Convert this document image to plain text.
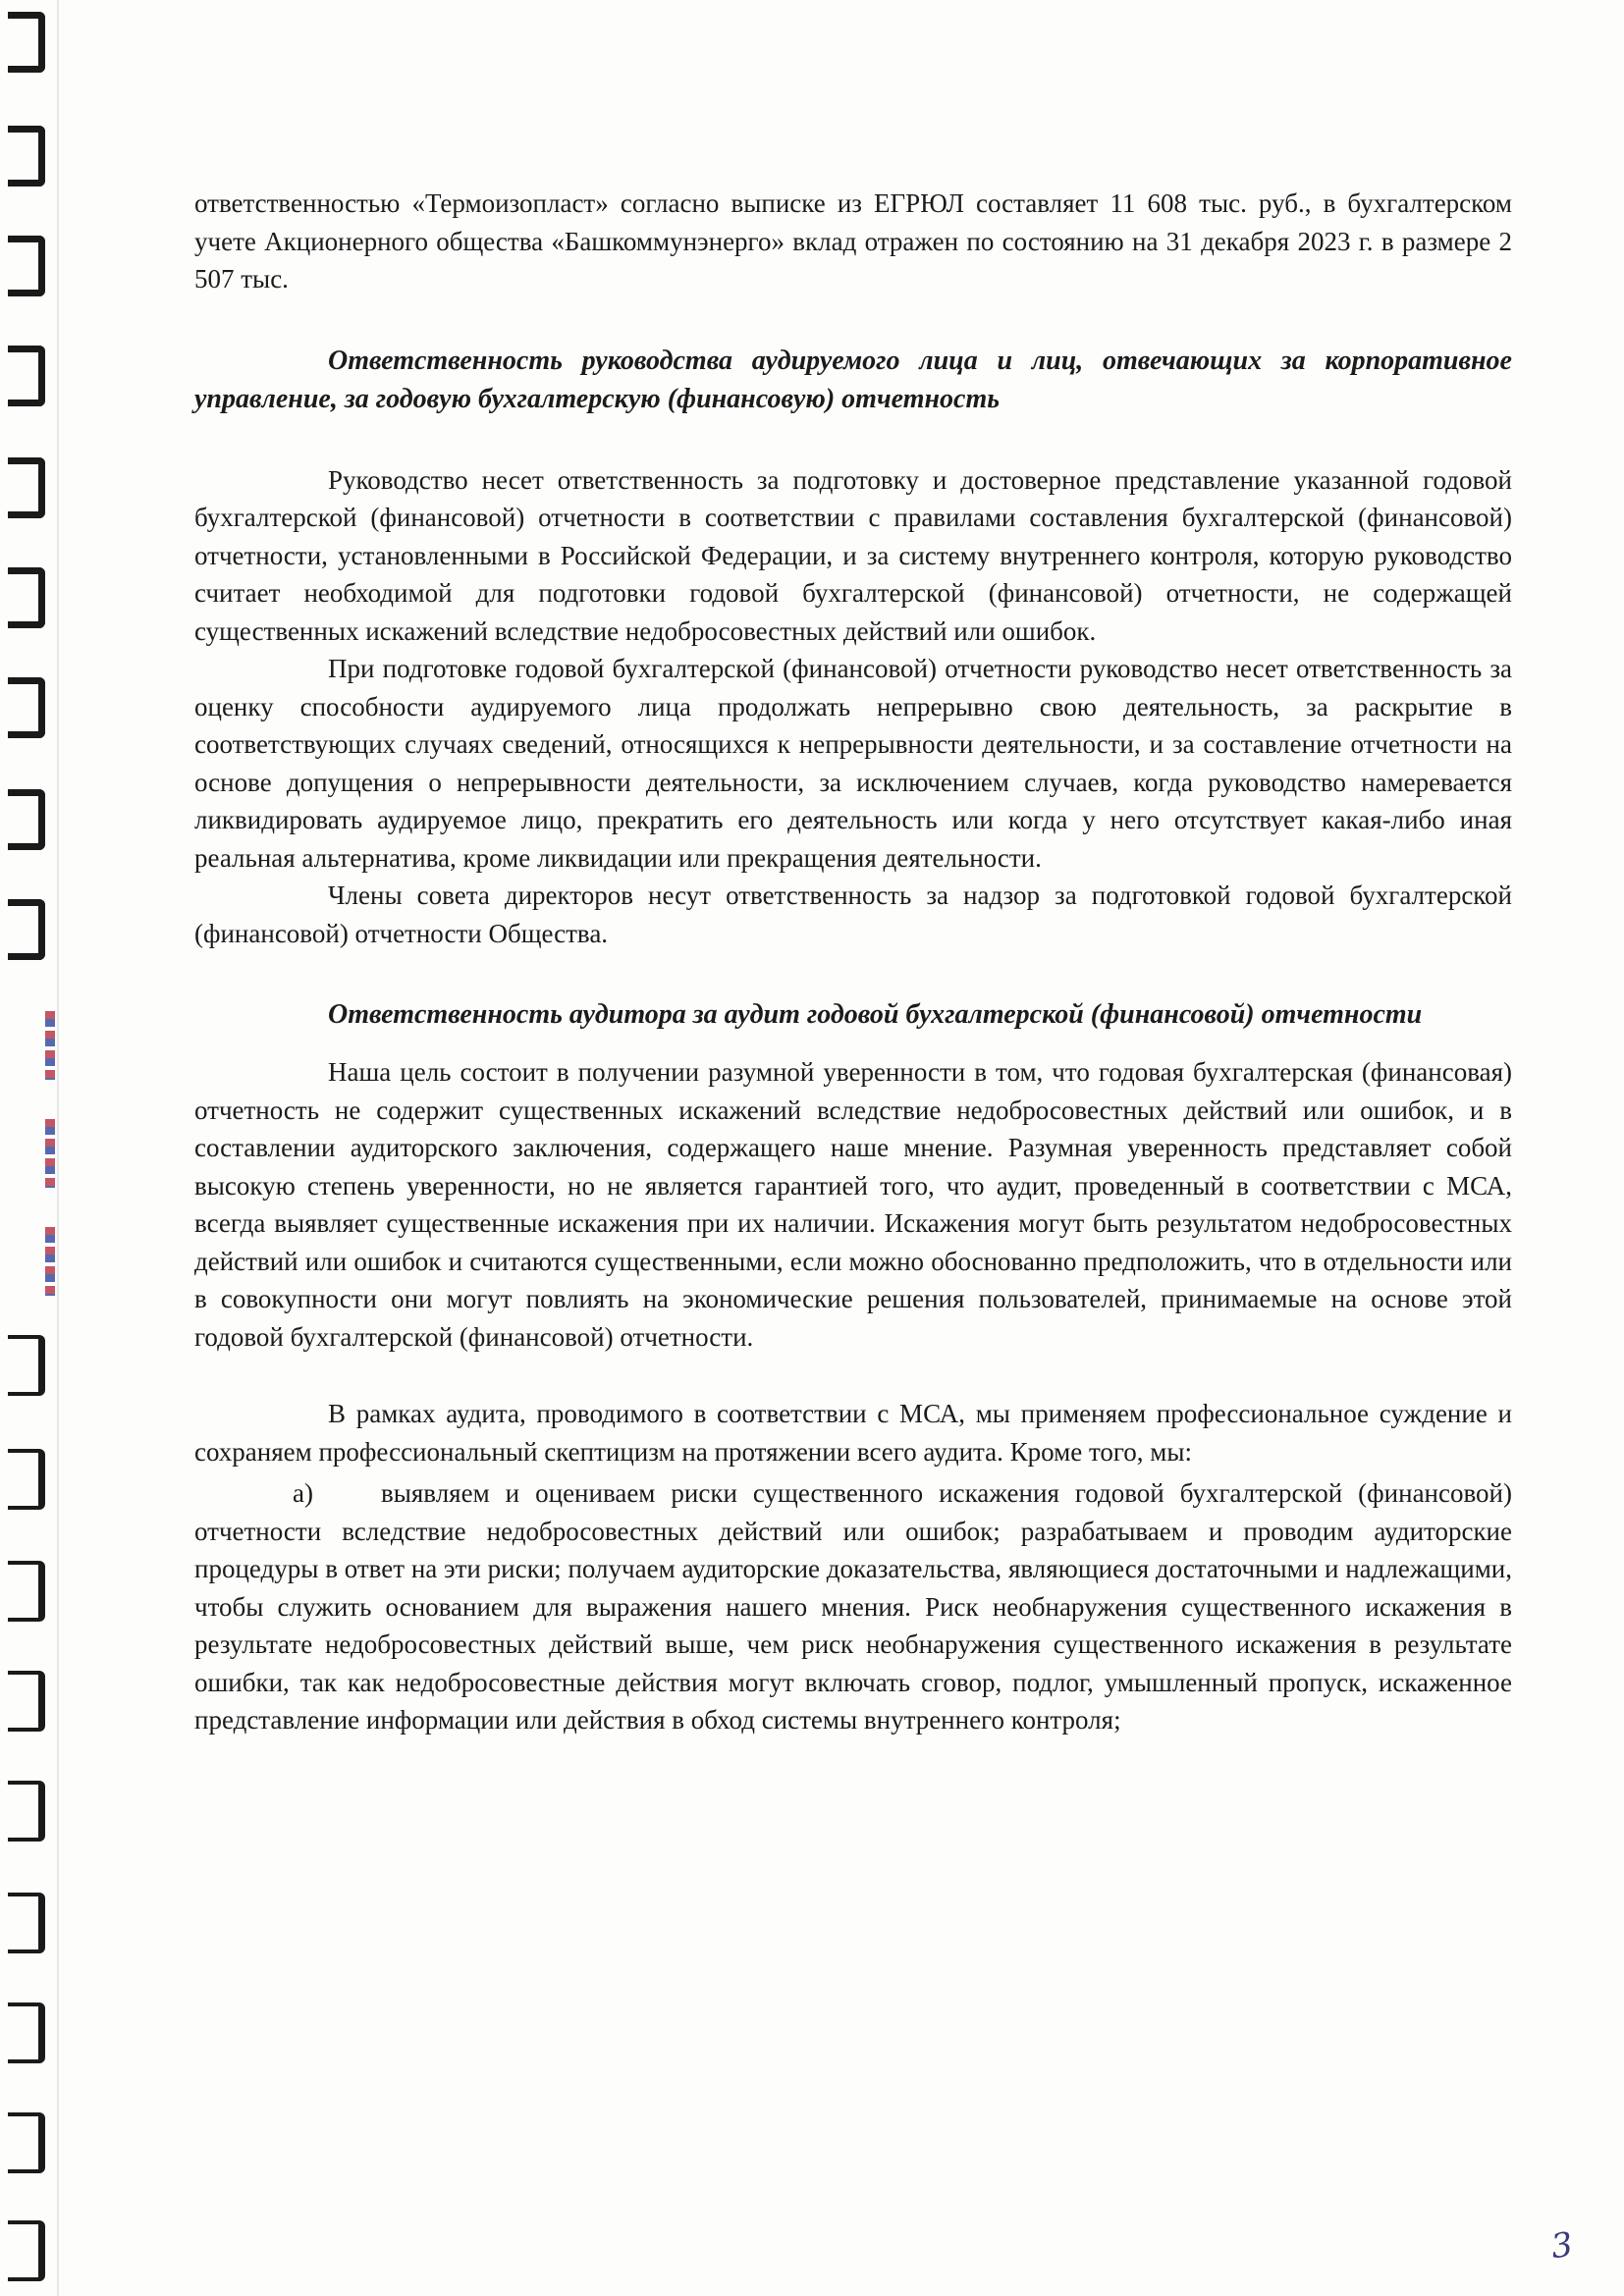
ответственностью «Термоизопласт» согласно выписке из ЕГРЮЛ составляет 11 608 тыс. руб., в бухгалтерском учете Акционерного общества «Башкоммунэнерго» вклад отражен по состоянию на 31 декабря 2023 г. в размере 2 507 тыс.

Ответственность руководства аудируемого лица и лиц, отвечающих за корпоративное управление, за годовую бухгалтерскую (финансовую) отчетность

Руководство несет ответственность за подготовку и достоверное представление указанной годовой бухгалтерской (финансовой) отчетности в соответствии с правилами составления бухгалтерской (финансовой) отчетности, установленными в Российской Федерации, и за систему внутреннего контроля, которую руководство считает необходимой для подготовки годовой бухгалтерской (финансовой) отчетности, не содержащей существенных искажений вследствие недобросовестных действий или ошибок.

При подготовке годовой бухгалтерской (финансовой) отчетности руководство несет ответственность за оценку способности аудируемого лица продолжать непрерывно свою деятельность, за раскрытие в соответствующих случаях сведений, относящихся к непрерывности деятельности, и за составление отчетности на основе допущения о непрерывности деятельности, за исключением случаев, когда руководство намеревается ликвидировать аудируемое лицо, прекратить его деятельность или когда у него отсутствует какая-либо иная реальная альтернатива, кроме ликвидации или прекращения деятельности.

Члены совета директоров несут ответственность за надзор за подготовкой годовой бухгалтерской (финансовой) отчетности Общества.

Ответственность аудитора за аудит годовой бухгалтерской (финансовой) отчетности

Наша цель состоит в получении разумной уверенности в том, что годовая бухгалтерская (финансовая) отчетность не содержит существенных искажений вследствие недобросовестных действий или ошибок, и в составлении аудиторского заключения, содержащего наше мнение. Разумная уверенность представляет собой высокую степень уверенности, но не является гарантией того, что аудит, проведенный в соответствии с МСА, всегда выявляет существенные искажения при их наличии. Искажения могут быть результатом недобросовестных действий или ошибок и считаются существенными, если можно обоснованно предположить, что в отдельности или в совокупности они могут повлиять на экономические решения пользователей, принимаемые на основе этой годовой бухгалтерской (финансовой) отчетности.

В рамках аудита, проводимого в соответствии с МСА, мы применяем профессиональное суждение и сохраняем профессиональный скептицизм на протяжении всего аудита. Кроме того, мы:

а)	выявляем и оцениваем риски существенного искажения годовой бухгалтерской (финансовой) отчетности вследствие недобросовестных действий или ошибок; разрабатываем и проводим аудиторские процедуры в ответ на эти риски; получаем аудиторские доказательства, являющиеся достаточными и надлежащими, чтобы служить основанием для выражения нашего мнения. Риск необнаружения существенного искажения в результате недобросовестных действий выше, чем риск необнаружения существенного искажения в результате ошибки, так как недобросовестные действия могут включать сговор, подлог, умышленный пропуск, искаженное представление информации или действия в обход системы внутреннего контроля;

3
